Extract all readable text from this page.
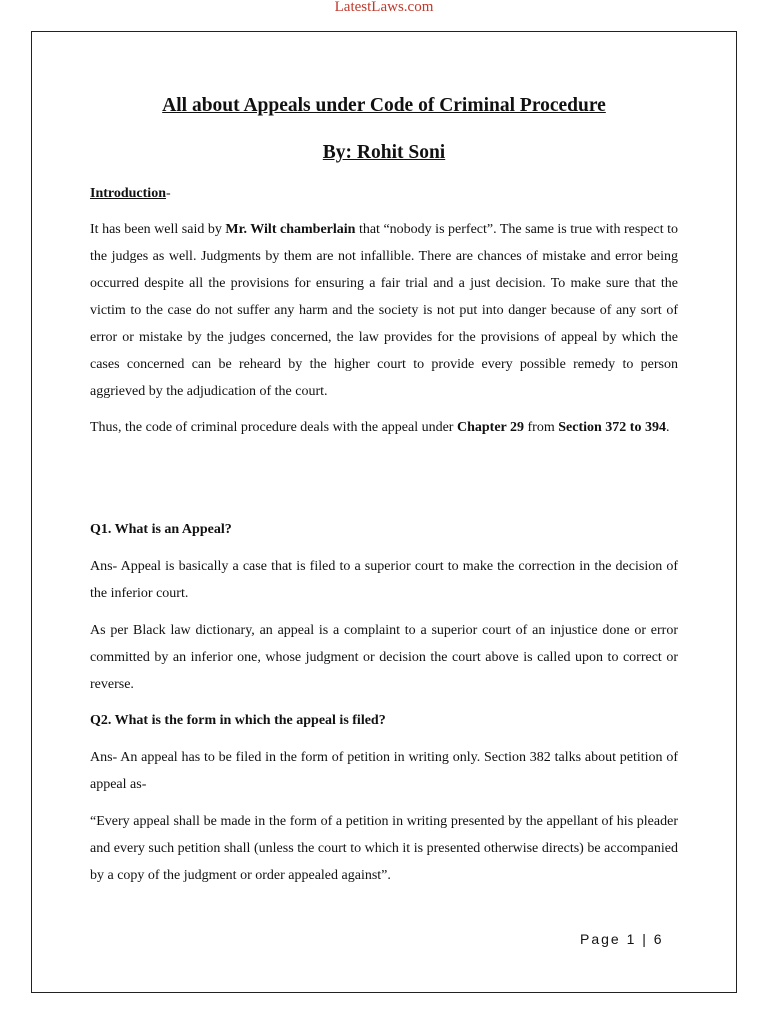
LatestLaws.com
All about Appeals under Code of Criminal Procedure
By: Rohit Soni
Introduction-

It has been well said by Mr. Wilt chamberlain that “nobody is perfect”. The same is true with respect to the judges as well. Judgments by them are not infallible. There are chances of mistake and error being occurred despite all the provisions for ensuring a fair trial and a just decision. To make sure that the victim to the case do not suffer any harm and the society is not put into danger because of any sort of error or mistake by the judges concerned, the law provides for the provisions of appeal by which the cases concerned can be reheard by the higher court to provide every possible remedy to person aggrieved by the adjudication of the court.

Thus, the code of criminal procedure deals with the appeal under Chapter 29 from Section 372 to 394.

Q1. What is an Appeal?

Ans- Appeal is basically a case that is filed to a superior court to make the correction in the decision of the inferior court.

As per Black law dictionary, an appeal is a complaint to a superior court of an injustice done or error committed by an inferior one, whose judgment or decision the court above is called upon to correct or reverse.

Q2. What is the form in which the appeal is filed?

Ans- An appeal has to be filed in the form of petition in writing only. Section 382 talks about petition of appeal as-

“Every appeal shall be made in the form of a petition in writing presented by the appellant of his pleader and every such petition shall (unless the court to which it is presented otherwise directs) be accompanied by a copy of the judgment or order appealed against”.

Page 1 | 6
